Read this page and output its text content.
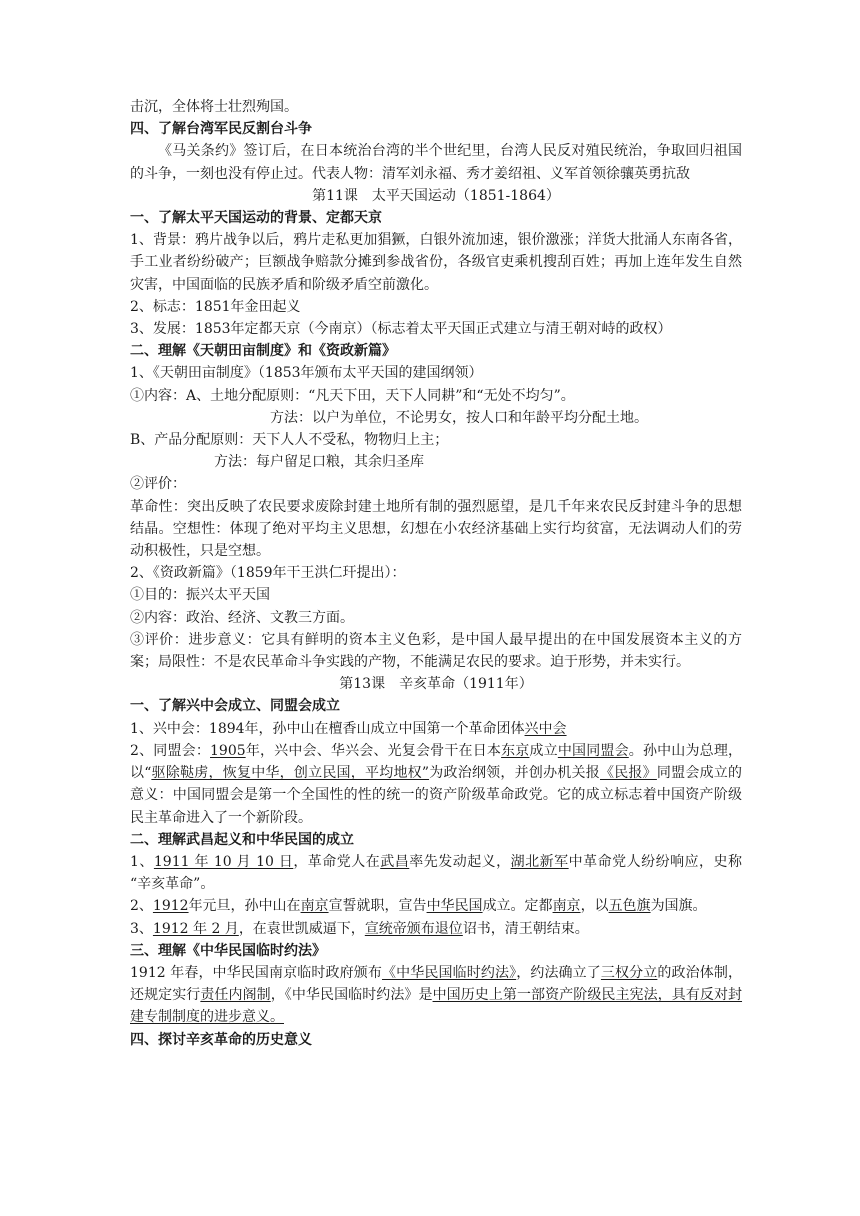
击沉，全体将士壮烈殉国。
四、了解台湾军民反割台斗争
《马关条约》签订后，在日本统治台湾的半个世纪里，台湾人民反对殖民统治，争取回归祖国的斗争，一刻也没有停止过。代表人物：清军刘永福、秀才姜绍祖、义军首领徐骧英勇抗敌
第11课　太平天国运动（1851-1864）
一、了解太平天国运动的背景、定都天京
1、背景：鸦片战争以后，鸦片走私更加猖獗，白银外流加速，银价激涨；洋货大批涌人东南各省，手工业者纷纷破产；巨额战争赔款分摊到参战省份，各级官吏乘机搜刮百姓；再加上连年发生自然灾害，中国面临的民族矛盾和阶级矛盾空前激化。
2、标志：1851年金田起义
3、发展：1853年定都天京（今南京）（标志着太平天国正式建立与清王朝对峙的政权）
二、理解《天朝田亩制度》和《资政新篇》
1、《天朝田亩制度》（1853年颁布太平天国的建国纲领）
①内容：A、土地分配原则：“凡天下田，天下人同耕”和“无处不均匀”。
方法：以户为单位，不论男女，按人口和年龄平均分配土地。
B、产品分配原则：天下人人不受私，物物归上主；
方法：每户留足口粮，其余归圣库
②评价：
革命性：突出反映了农民要求废除封建土地所有制的强烈愿望，是几千年来农民反封建斗争的思想结晶。空想性：体现了绝对平均主义思想，幻想在小农经济基础上实行均贫富，无法调动人们的劳动积极性，只是空想。
2、《资政新篇》（1859年干王洪仁玕提出）：
①目的：振兴太平天国
②内容：政治、经济、文教三方面。
③评价：进步意义：它具有鲜明的资本主义色彩，是中国人最早提出的在中国发展资本主义的方案；局限性：不是农民革命斗争实践的产物，不能满足农民的要求。迫于形势，并未实行。
第13课　辛亥革命（1911年）
一、了解兴中会成立、同盟会成立
1、兴中会：1894年，孙中山在檀香山成立中国第一个革命团体兴中会
2、同盟会：1905年，兴中会、华兴会、光复会骨干在日本东京成立中国同盟会。孙中山为总理，以“驱除鞑虏，恢复中华，创立民国，平均地权”为政治纲领，并创办机关报《民报》同盟会成立的意义：中国同盟会是第一个全国性的性的统一的资产阶级革命政党。它的成立标志着中国资产阶级民主革命进入了一个新阶段。
二、理解武昌起义和中华民国的成立
1、1911 年 10 月 10 日，革命党人在武昌率先发动起义，湖北新军中革命党人纷纷响应，史称 “辛亥革命”。
2、1912年元旦，孙中山在南京宣誓就职，宣告中华民国成立。定都南京，以五色旗为国旗。
3、1912 年 2 月，在袁世凯威逼下，宣统帝颁布退位诏书，清王朝结束。
三、理解《中华民国临时约法》
1912 年春，中华民国南京临时政府颁布《中华民国临时约法》，约法确立了三权分立的政治体制，还规定实行责任内阁制，《中华民国临时约法》是中国历史上第一部资产阶级民主宪法，具有反对封建专制制度的进步意义。
四、探讨辛亥革命的历史意义
